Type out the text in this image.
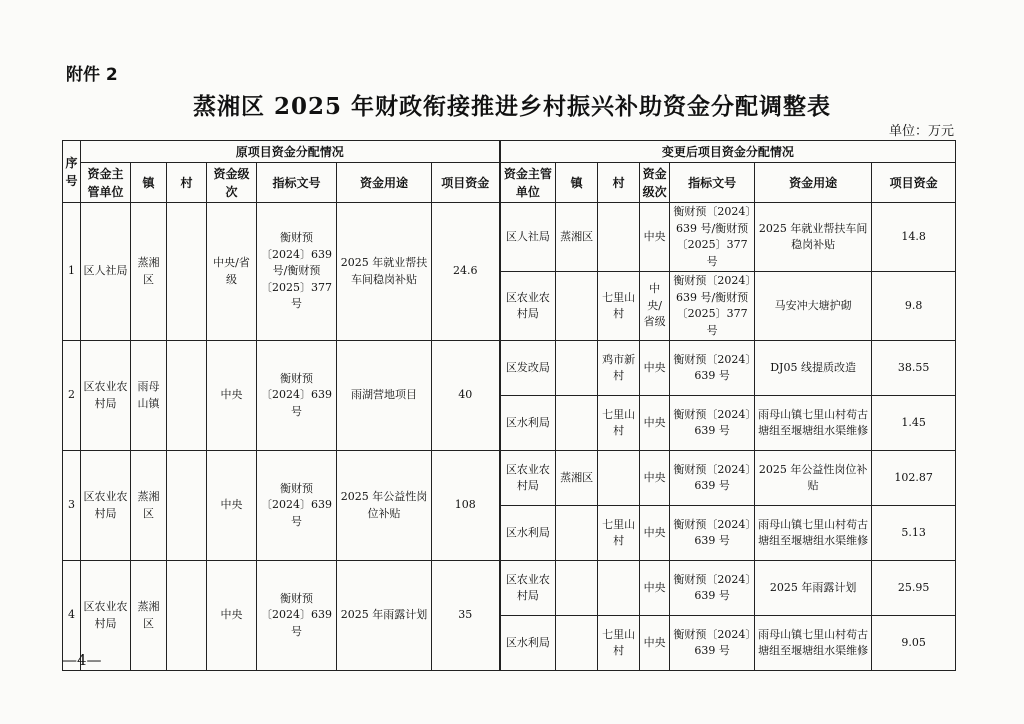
附件 2
蒸湘区 2025 年财政衔接推进乡村振兴补助资金分配调整表
单位：万元
序号	原项目资金分配情况							变更后项目资金分配情况						
	资金主管单位	镇	村	资金级次	指标文号	资金用途	项目资金	资金主管单位	镇	村	资金级次	指标文号	资金用途	项目资金
1	区人社局	蒸湘区		中央/省级	衡财预〔2024〕639 号/衡财预〔2025〕377 号	2025 年就业帮扶车间稳岗补贴	24.6	区人社局	蒸湘区		中央	衡财预〔2024〕639 号/衡财预〔2025〕377 号	2025 年就业帮扶车间稳岗补贴	14.8
								区农业农村局		七里山村	中央/省级	衡财预〔2024〕639 号/衡财预〔2025〕377 号	马安冲大塘护砌	9.8
2	区农业农村局	雨母山镇		中央	衡财预〔2024〕639 号	雨湖营地项目	40	区发改局		鸡市新村	中央	衡财预〔2024〕639 号	DJ05 线提质改造	38.55
								区水利局		七里山村	中央	衡财预〔2024〕639 号	雨母山镇七里山村苟古塘组至堰塘组水渠维修	1.45
3	区农业农村局	蒸湘区		中央	衡财预〔2024〕639 号	2025 年公益性岗位补贴	108	区农业农村局	蒸湘区		中央	衡财预〔2024〕639 号	2025 年公益性岗位补贴	102.87
								区水利局		七里山村	中央	衡财预〔2024〕639 号	雨母山镇七里山村苟古塘组至堰塘组水渠维修	5.13
4	区农业农村局	蒸湘区		中央	衡财预〔2024〕639 号	2025 年雨露计划	35	区农业农村局			中央	衡财预〔2024〕639 号	2025 年雨露计划	25.95
								区水利局		七里山村	中央	衡财预〔2024〕639 号	雨母山镇七里山村苟古塘组至堰塘组水渠维修	9.05
—4—
